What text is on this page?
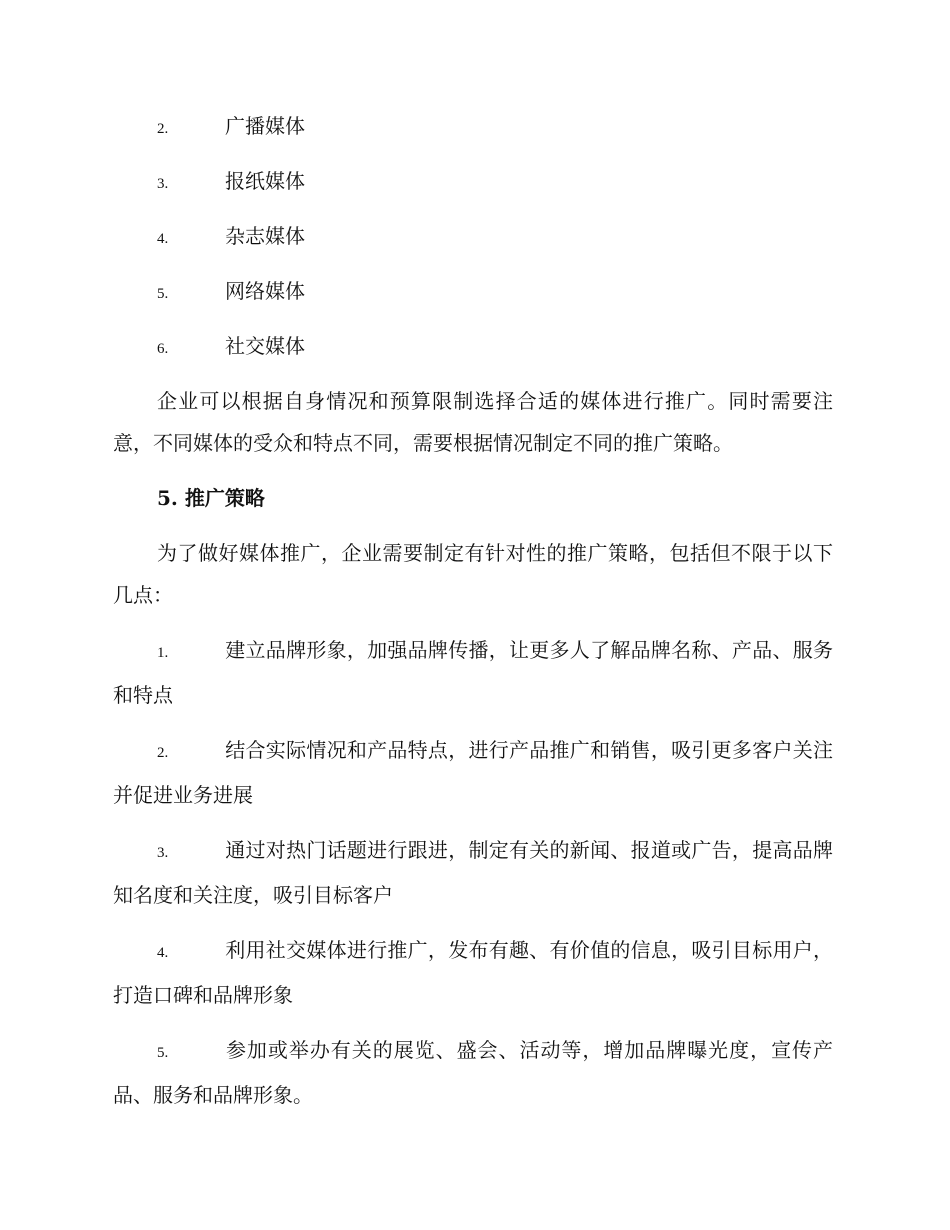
2.	广播媒体
3.	报纸媒体
4.	杂志媒体
5.	网络媒体
6.	社交媒体

企业可以根据自身情况和预算限制选择合适的媒体进行推广。同时需要注意，不同媒体的受众和特点不同，需要根据情况制定不同的推广策略。

5. 推广策略

为了做好媒体推广，企业需要制定有针对性的推广策略，包括但不限于以下几点：

1.	建立品牌形象，加强品牌传播，让更多人了解品牌名称、产品、服务和特点

2.	结合实际情况和产品特点，进行产品推广和销售，吸引更多客户关注并促进业务进展

3.	通过对热门话题进行跟进，制定有关的新闻、报道或广告，提高品牌知名度和关注度，吸引目标客户

4.	利用社交媒体进行推广，发布有趣、有价值的信息，吸引目标用户，打造口碑和品牌形象

5.	参加或举办有关的展览、盛会、活动等，增加品牌曝光度，宣传产品、服务和品牌形象。
